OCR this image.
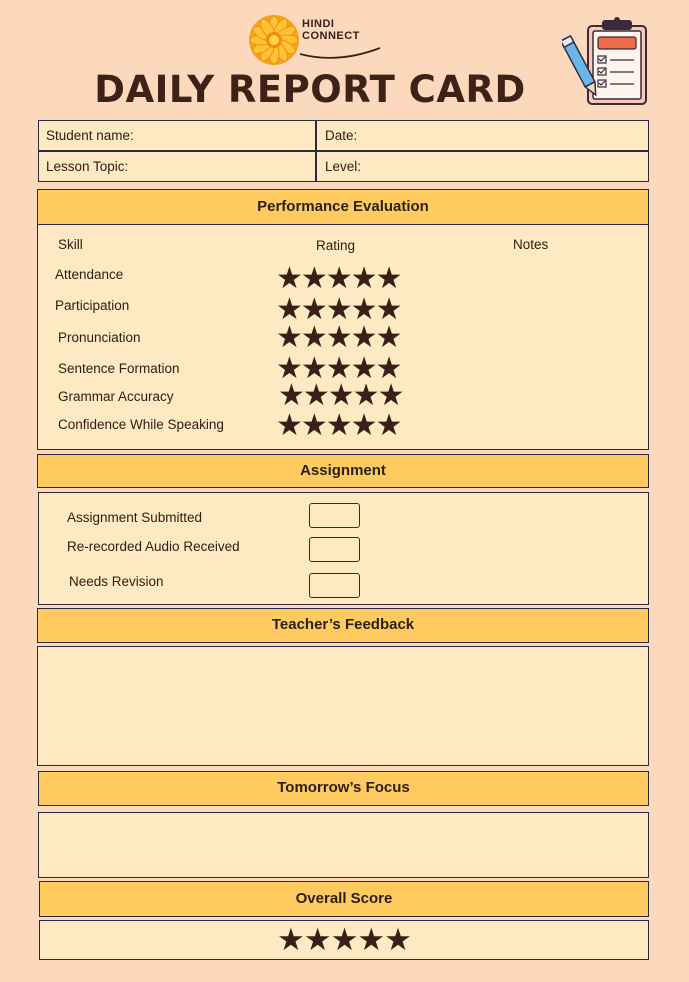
HINDI
CONNECT
DAILY REPORT CARD
Student name:	Date:
Lesson Topic:	Level:
Performance Evaluation
Skill	Rating	Notes
Attendance	★★★★★
Participation	★★★★★
Pronunciation	★★★★★
Sentence Formation	★★★★★
Grammar Accuracy	★★★★★
Confidence While Speaking ★★★★★
Assignment
Assignment Submitted
Re-recorded Audio Received
Needs Revision
Teacher’s Feedback
Tomorrow’s Focus
Overall Score
★★★★★
